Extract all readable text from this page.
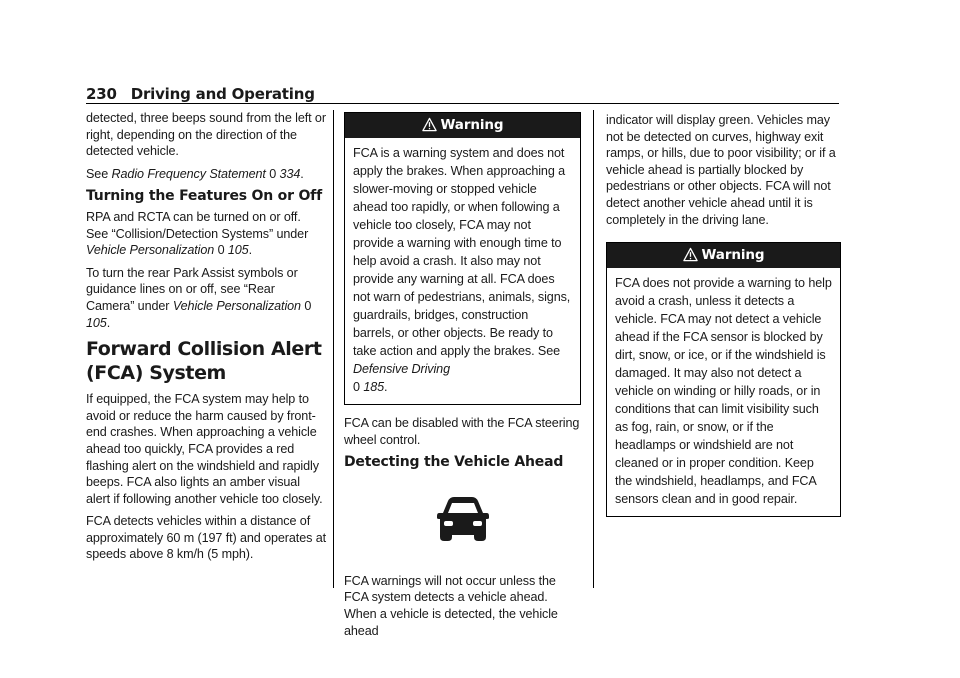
230 Driving and Operating

detected, three beeps sound from the left or right, depending on the direction of the detected vehicle.

See Radio Frequency Statement 0 334.

Turning the Features On or Off

RPA and RCTA can be turned on or off. See “Collision/Detection Systems” under Vehicle Personalization 0 105.

To turn the rear Park Assist symbols or guidance lines on or off, see “Rear Camera” under Vehicle Personalization 0 105.

Forward Collision Alert (FCA) System

If equipped, the FCA system may help to avoid or reduce the harm caused by front-end crashes. When approaching a vehicle ahead too quickly, FCA provides a red flashing alert on the windshield and rapidly beeps. FCA also lights an amber visual alert if following another vehicle too closely.

FCA detects vehicles within a distance of approximately 60 m (197 ft) and operates at speeds above 8 km/h (5 mph).

Warning
FCA is a warning system and does not apply the brakes. When approaching a slower-moving or stopped vehicle ahead too rapidly, or when following a vehicle too closely, FCA may not provide a warning with enough time to help avoid a crash. It also may not provide any warning at all. FCA does not warn of pedestrians, animals, signs, guardrails, bridges, construction barrels, or other objects. Be ready to take action and apply the brakes. See Defensive Driving
0 185.

FCA can be disabled with the FCA steering wheel control.

Detecting the Vehicle Ahead

FCA warnings will not occur unless the FCA system detects a vehicle ahead. When a vehicle is detected, the vehicle ahead

indicator will display green. Vehicles may not be detected on curves, highway exit ramps, or hills, due to poor visibility; or if a vehicle ahead is partially blocked by pedestrians or other objects. FCA will not detect another vehicle ahead until it is completely in the driving lane.

Warning
FCA does not provide a warning to help avoid a crash, unless it detects a vehicle. FCA may not detect a vehicle ahead if the FCA sensor is blocked by dirt, snow, or ice, or if the windshield is damaged. It may also not detect a vehicle on winding or hilly roads, or in conditions that can limit visibility such as fog, rain, or snow, or if the headlamps or windshield are not cleaned or in proper condition. Keep the windshield, headlamps, and FCA sensors clean and in good repair.
